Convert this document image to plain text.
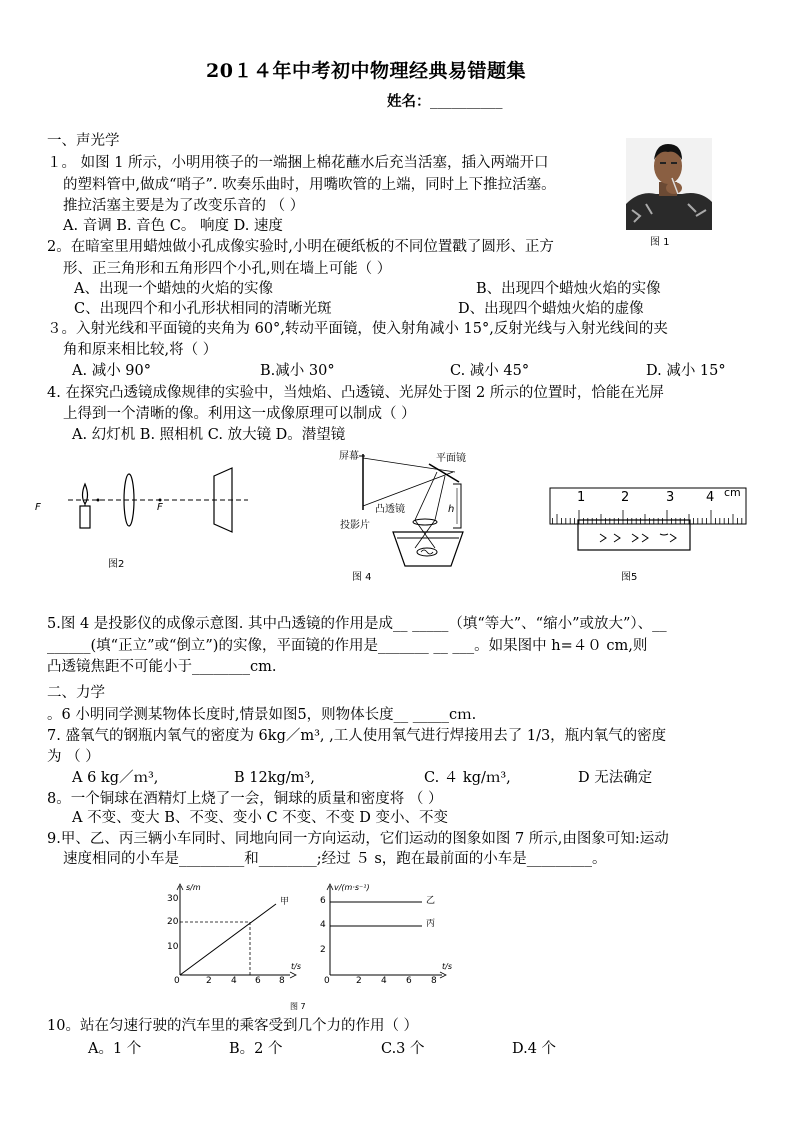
20１４年中考初中物理经典易错题集
姓名： __________
一、声光学
１。 如图 1 所示，小明用筷子的一端捆上棉花蘸水后充当活塞，插入两端开口
的塑料管中,做成“哨子”. 吹奏乐曲时，用嘴吹管的上端，同时上下推拉活塞。
推拉活塞主要是为了改变乐音的 （ ）
A. 音调 B. 音色 C。 响度 D. 速度
图 1
2。在暗室里用蜡烛做小孔成像实验时,小明在硬纸板的不同位置戳了圆形、正方
形、正三角形和五角形四个小孔,则在墙上可能（ ）
A、出现一个蜡烛的火焰的实像	B、出现四个蜡烛火焰的实像
C、出现四个和小孔形状相同的清晰光斑	D、出现四个蜡烛火焰的虚像
３。入射光线和平面镜的夹角为 60°,转动平面镜，使入射角减小 15°,反射光线与入射光线间的夹
角和原来相比较,将（ ）
A. 减小 90°	B.减小 30°	C. 减小 45°	D. 减小 15°
4. 在探究凸透镜成像规律的实验中，当烛焰、凸透镜、光屏处于图 2 所示的位置时，恰能在光屏
上得到一个清晰的像。利用这一成像原理可以制成（ ）
A. 幻灯机 B. 照相机 C. 放大镜 D。潜望镜
F	F
图2
屏幕	平面镜
凸透镜
投影片
h
图 4
1	2	3 4 cm
图5
5.图 4 是投影仪的成像示意图. 其中凸透镜的作用是成__ _____（填“等大”、“缩小”或放大”）、__
______(填“正立”或“倒立”)的实像，平面镜的作用是_______ __ ___。如果图中 h=４０ cm,则
凸透镜焦距不可能小于________cm.
二、力学
。6 小明同学测某物体长度时,情景如图5，则物体长度__ _____cｍ.
7. 盛氧气的钢瓶内氧气的密度为 6kg／m³, ,工人使用氧气进行焊接用去了 1/3，瓶内氧气的密度
为 （ ）
A 6 kg／ｍ³,	B 12kg/m³,	C. ４ kg/ｍ³,	D 无法确定
8。一个铜球在酒精灯上烧了一会，铜球的质量和密度将 （ ）
A 不变、变大 B、不变、变小 C 不变、不变 D 变小、不变
9.甲、乙、丙三辆小车同时、同地向同一方向运动，它们运动的图象如图 7 所示,由图象可知:运动
速度相同的小车是_________和________;经过 ５ s，跑在最前面的小车是_________。
s/m
t/s
甲
30
20
10
0	2 4 6 8
v/(m·s⁻¹)
t/s
乙
丙
6
4
2
0	2 4 6 8
图 7
10。站在匀速行驶的汽车里的乘客受到几个力的作用（ ）
A。1 个	B。2 个	C.3 个	D.4 个
